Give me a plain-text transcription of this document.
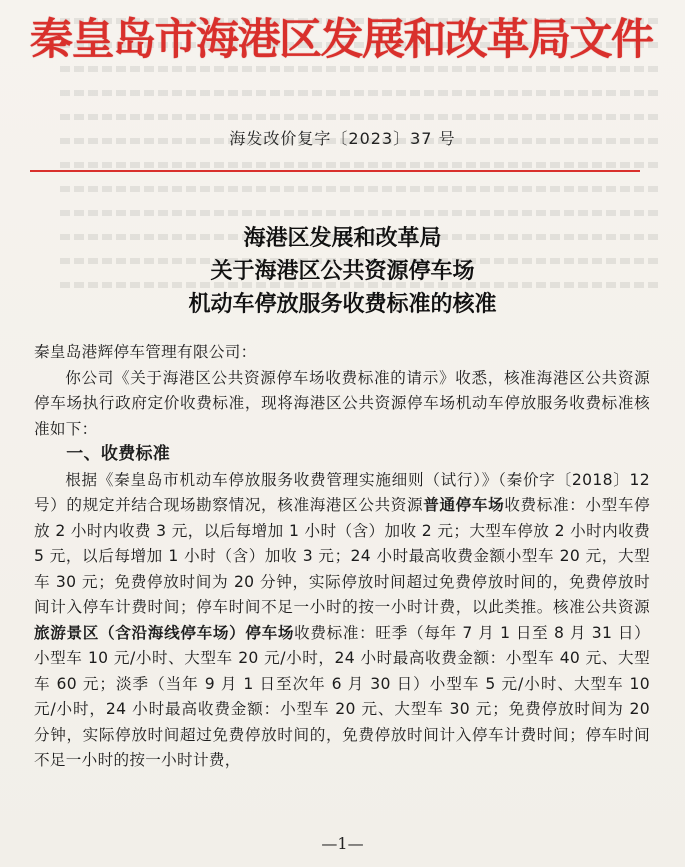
秦皇岛市海港区发展和改革局文件
海发改价复字〔2023〕37 号
海港区发展和改革局
关于海港区公共资源停车场
机动车停放服务收费标准的核准

秦皇岛港辉停车管理有限公司：

你公司《关于海港区公共资源停车场收费标准的请示》收悉，核准海港区公共资源停车场执行政府定价收费标准，现将海港区公共资源停车场机动车停放服务收费标准核准如下：

一、收费标准

根据《秦皇岛市机动车停放服务收费管理实施细则（试行）》（秦价字〔2018〕12 号）的规定并结合现场勘察情况，核准海港区公共资源普通停车场收费标准：小型车停放 2 小时内收费 3 元，以后每增加 1 小时（含）加收 2 元；大型车停放 2 小时内收费 5 元，以后每增加 1 小时（含）加收 3 元；24 小时最高收费金额小型车 20 元，大型车 30 元；免费停放时间为 20 分钟，实际停放时间超过免费停放时间的，免费停放时间计入停车计费时间；停车时间不足一小时的按一小时计费，以此类推。核准公共资源旅游景区（含沿海线停车场）停车场收费标准：旺季（每年 7 月 1 日至 8 月 31 日）小型车 10 元/小时、大型车 20 元/小时，24 小时最高收费金额：小型车 40 元、大型车 60 元；淡季（当年 9 月 1 日至次年 6 月 30 日）小型车 5 元/小时、大型车 10 元/小时，24 小时最高收费金额：小型车 20 元、大型车 30 元；免费停放时间为 20 分钟，实际停放时间超过免费停放时间的，免费停放时间计入停车计费时间；停车时间不足一小时的按一小时计费，

—1—
